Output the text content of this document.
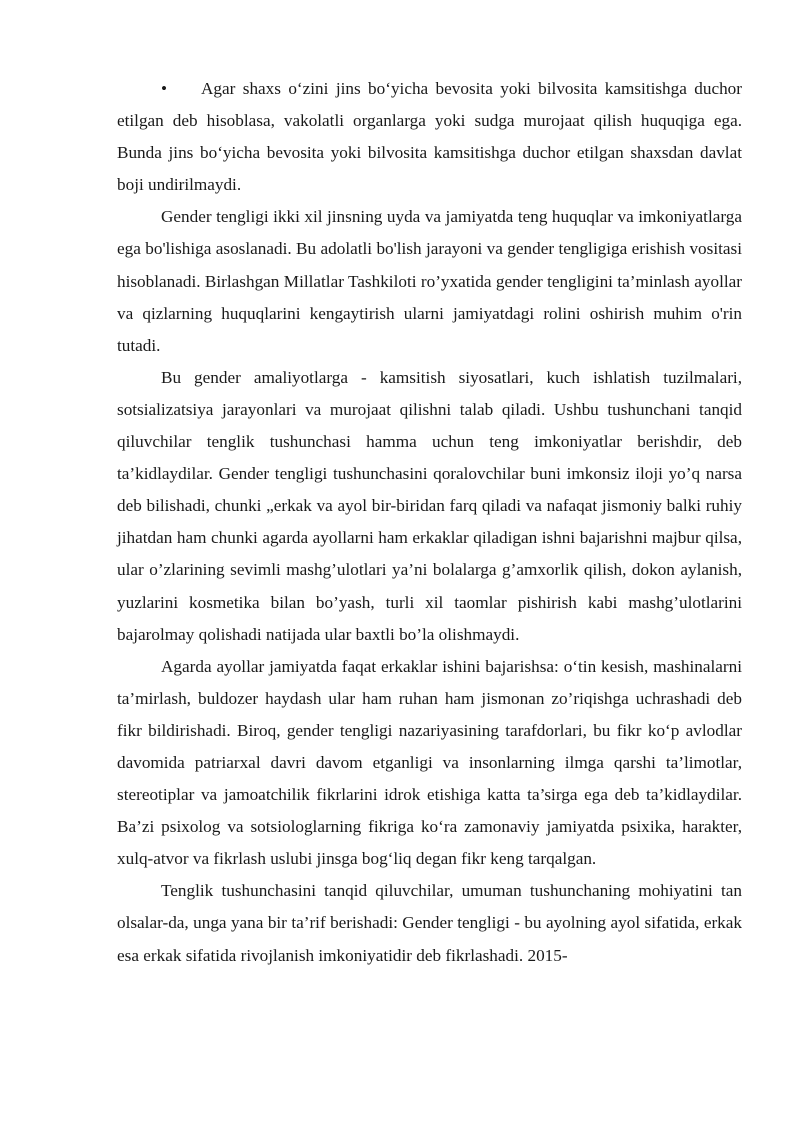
• Agar shaxs o‘zini jins bo‘yicha bevosita yoki bilvosita kamsitishga duchor etilgan deb hisoblasa, vakolatli organlarga yoki sudga murojaat qilish huquqiga ega. Bunda jins bo‘yicha bevosita yoki bilvosita kamsitishga duchor etilgan shaxsdan davlat boji undirilmaydi.

Gender tengligi ikki xil jinsning uyda va jamiyatda teng huquqlar va imkoniyatlarga ega bo'lishiga asoslanadi. Bu adolatli bo'lish jarayoni va gender tengligiga erishish vositasi hisoblanadi. Birlashgan Millatlar Tashkiloti ro’yxatida gender tengligini ta’minlash ayollar va qizlarning huquqlarini kengaytirish ularni jamiyatdagi rolini oshirish muhim o'rin tutadi.

Bu gender amaliyotlarga - kamsitish siyosatlari, kuch ishlatish tuzilmalari, sotsializatsiya jarayonlari va murojaat qilishni talab qiladi. Ushbu tushunchani tanqid qiluvchilar tenglik tushunchasi hamma uchun teng imkoniyatlar berishdir, deb ta’kidlaydilar. Gender tengligi tushunchasini qoralovchilar buni imkonsiz iloji yo’q narsa deb bilishadi, chunki „erkak va ayol bir-biridan farq qiladi va nafaqat jismoniy balki ruhiy jihatdan ham chunki agarda ayollarni ham erkaklar qiladigan ishni bajarishni majbur qilsa, ular o’zlarining sevimli mashg’ulotlari ya’ni bolalarga g’amxorlik qilish, dokon aylanish, yuzlarini kosmetika bilan bo’yash, turli xil taomlar pishirish kabi mashg’ulotlarini bajarolmay qolishadi natijada ular baxtli bo’la olishmaydi.

Agarda ayollar jamiyatda faqat erkaklar ishini bajarishsa: o‘tin kesish, mashinalarni ta’mirlash, buldozer haydash ular ham ruhan ham jismonan zo’riqishga uchrashadi deb fikr bildirishadi. Biroq, gender tengligi nazariyasining tarafdorlari, bu fikr ko‘p avlodlar davomida patriarxal davri davom etganligi va insonlarning ilmga qarshi ta’limotlar, stereotiplar va jamoatchilik fikrlarini idrok etishiga katta ta’sirga ega deb ta’kidlaydilar. Ba’zi psixolog va sotsiologlarning fikriga ko‘ra zamonaviy jamiyatda psixika, harakter, xulq-atvor va fikrlash uslubi jinsga bog‘liq degan fikr keng tarqalgan.

Tenglik tushunchasini tanqid qiluvchilar, umuman tushunchaning mohiyatini tan olsalar-da, unga yana bir ta’rif berishadi: Gender tengligi - bu ayolning ayol sifatida, erkak esa erkak sifatida rivojlanish imkoniyatidir deb fikrlashadi. 2015-
